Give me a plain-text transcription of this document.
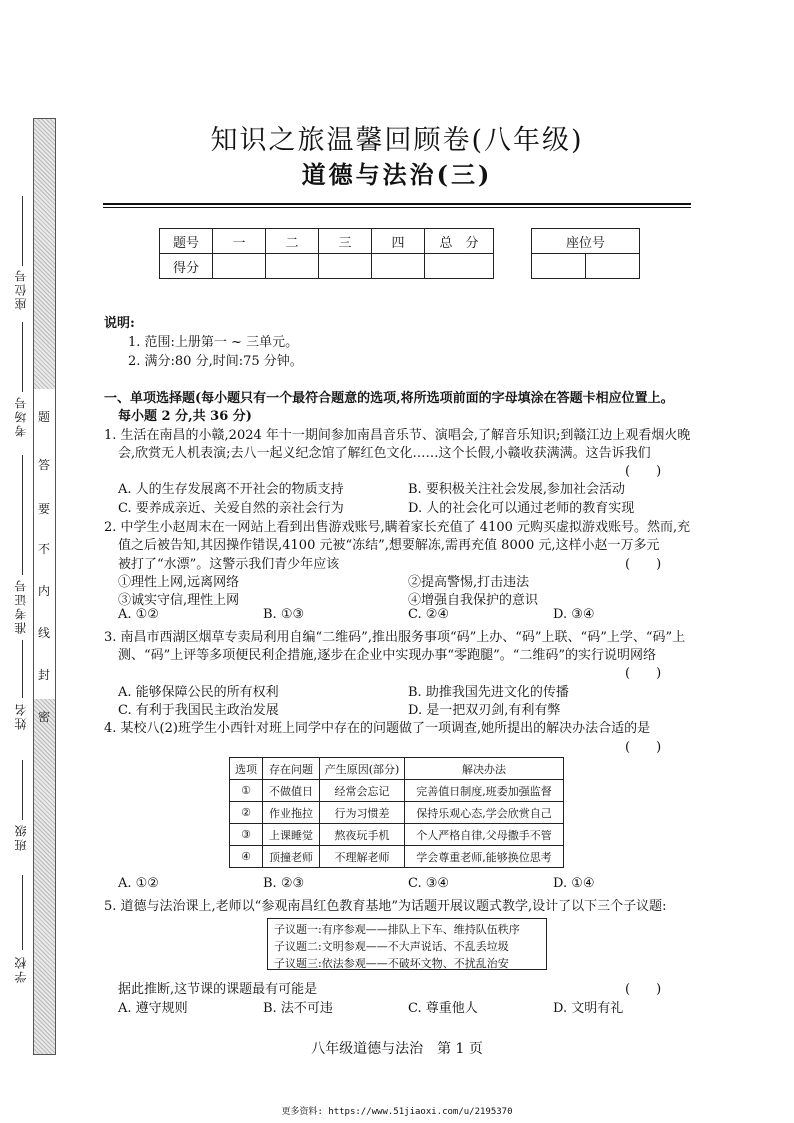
题
答
要
不
内
线
封
密
座位号
考场号
准考证号
姓名
班级
学校
知识之旅温馨回顾卷(八年级)
道德与法治(三)
题号	一	二	三	四	总　分
得分					
座位号

说明:
1. 范围:上册第一 ~ 三单元。
2. 满分:80 分,时间:75 分钟。
一、单项选择题(每小题只有一个最符合题意的选项,将所选项前面的字母填涂在答题卡相应位置上。
每小题 2 分,共 36 分)
1. 生活在南昌的小赣,2024 年十一期间参加南昌音乐节、演唱会,了解音乐知识;到赣江边上观看烟火晚
会,欣赏无人机表演;去八一起义纪念馆了解红色文化……这个长假,小赣收获满满。这告诉我们
(　　)
A. 人的生存发展离不开社会的物质支持	B. 要积极关注社会发展,参加社会活动
C. 要养成亲近、关爱自然的亲社会行为	D. 人的社会化可以通过老师的教育实现
2. 中学生小赵周末在一网站上看到出售游戏账号,瞒着家长充值了 4100 元购买虚拟游戏账号。然而,充
值之后被告知,其因操作错误,4100 元被“冻结”,想要解冻,需再充值 8000 元,这样小赵一万多元
被打了“水漂”。这警示我们青少年应该	(　　)
①理性上网,远离网络	②提高警惕,打击违法
③诚实守信,理性上网	④增强自我保护的意识
A. ①②	B. ①③	C. ②④	D. ③④
3. 南昌市西湖区烟草专卖局利用自编“二维码”,推出服务事项“码”上办、“码”上联、“码”上学、“码”上
测、“码”上评等多项便民利企措施,逐步在企业中实现办事“零跑腿”。“二维码”的实行说明网络
(　　)
A. 能够保障公民的所有权利	B. 助推我国先进文化的传播
C. 有利于我国民主政治发展	D. 是一把双刃剑,有利有弊
4. 某校八(2)班学生小西针对班上同学中存在的问题做了一项调查,她所提出的解决办法合适的是
(　　)
选项	存在问题	产生原因(部分)	解决办法
①	不做值日	经常会忘记	完善值日制度,班委加强监督
②	作业拖拉	行为习惯差	保持乐观心态,学会欣赏自己
③	上课睡觉	熬夜玩手机	个人严格自律,父母撒手不管
④	顶撞老师	不理解老师	学会尊重老师,能够换位思考
A. ①②	B. ②③	C. ③④	D. ①④
5. 道德与法治课上,老师以“参观南昌红色教育基地”为话题开展议题式教学,设计了以下三个子议题:
子议题一:有序参观——排队上下车、维持队伍秩序
子议题二:文明参观——不大声说话、不乱丢垃圾
子议题三:依法参观——不破坏文物、不扰乱治安
据此推断,这节课的课题最有可能是	(　　)
A. 遵守规则	B. 法不可违	C. 尊重他人	D. 文明有礼
八年级道德与法治　第 1 页
更多资料: https://www.51jiaoxi.com/u/2195370
